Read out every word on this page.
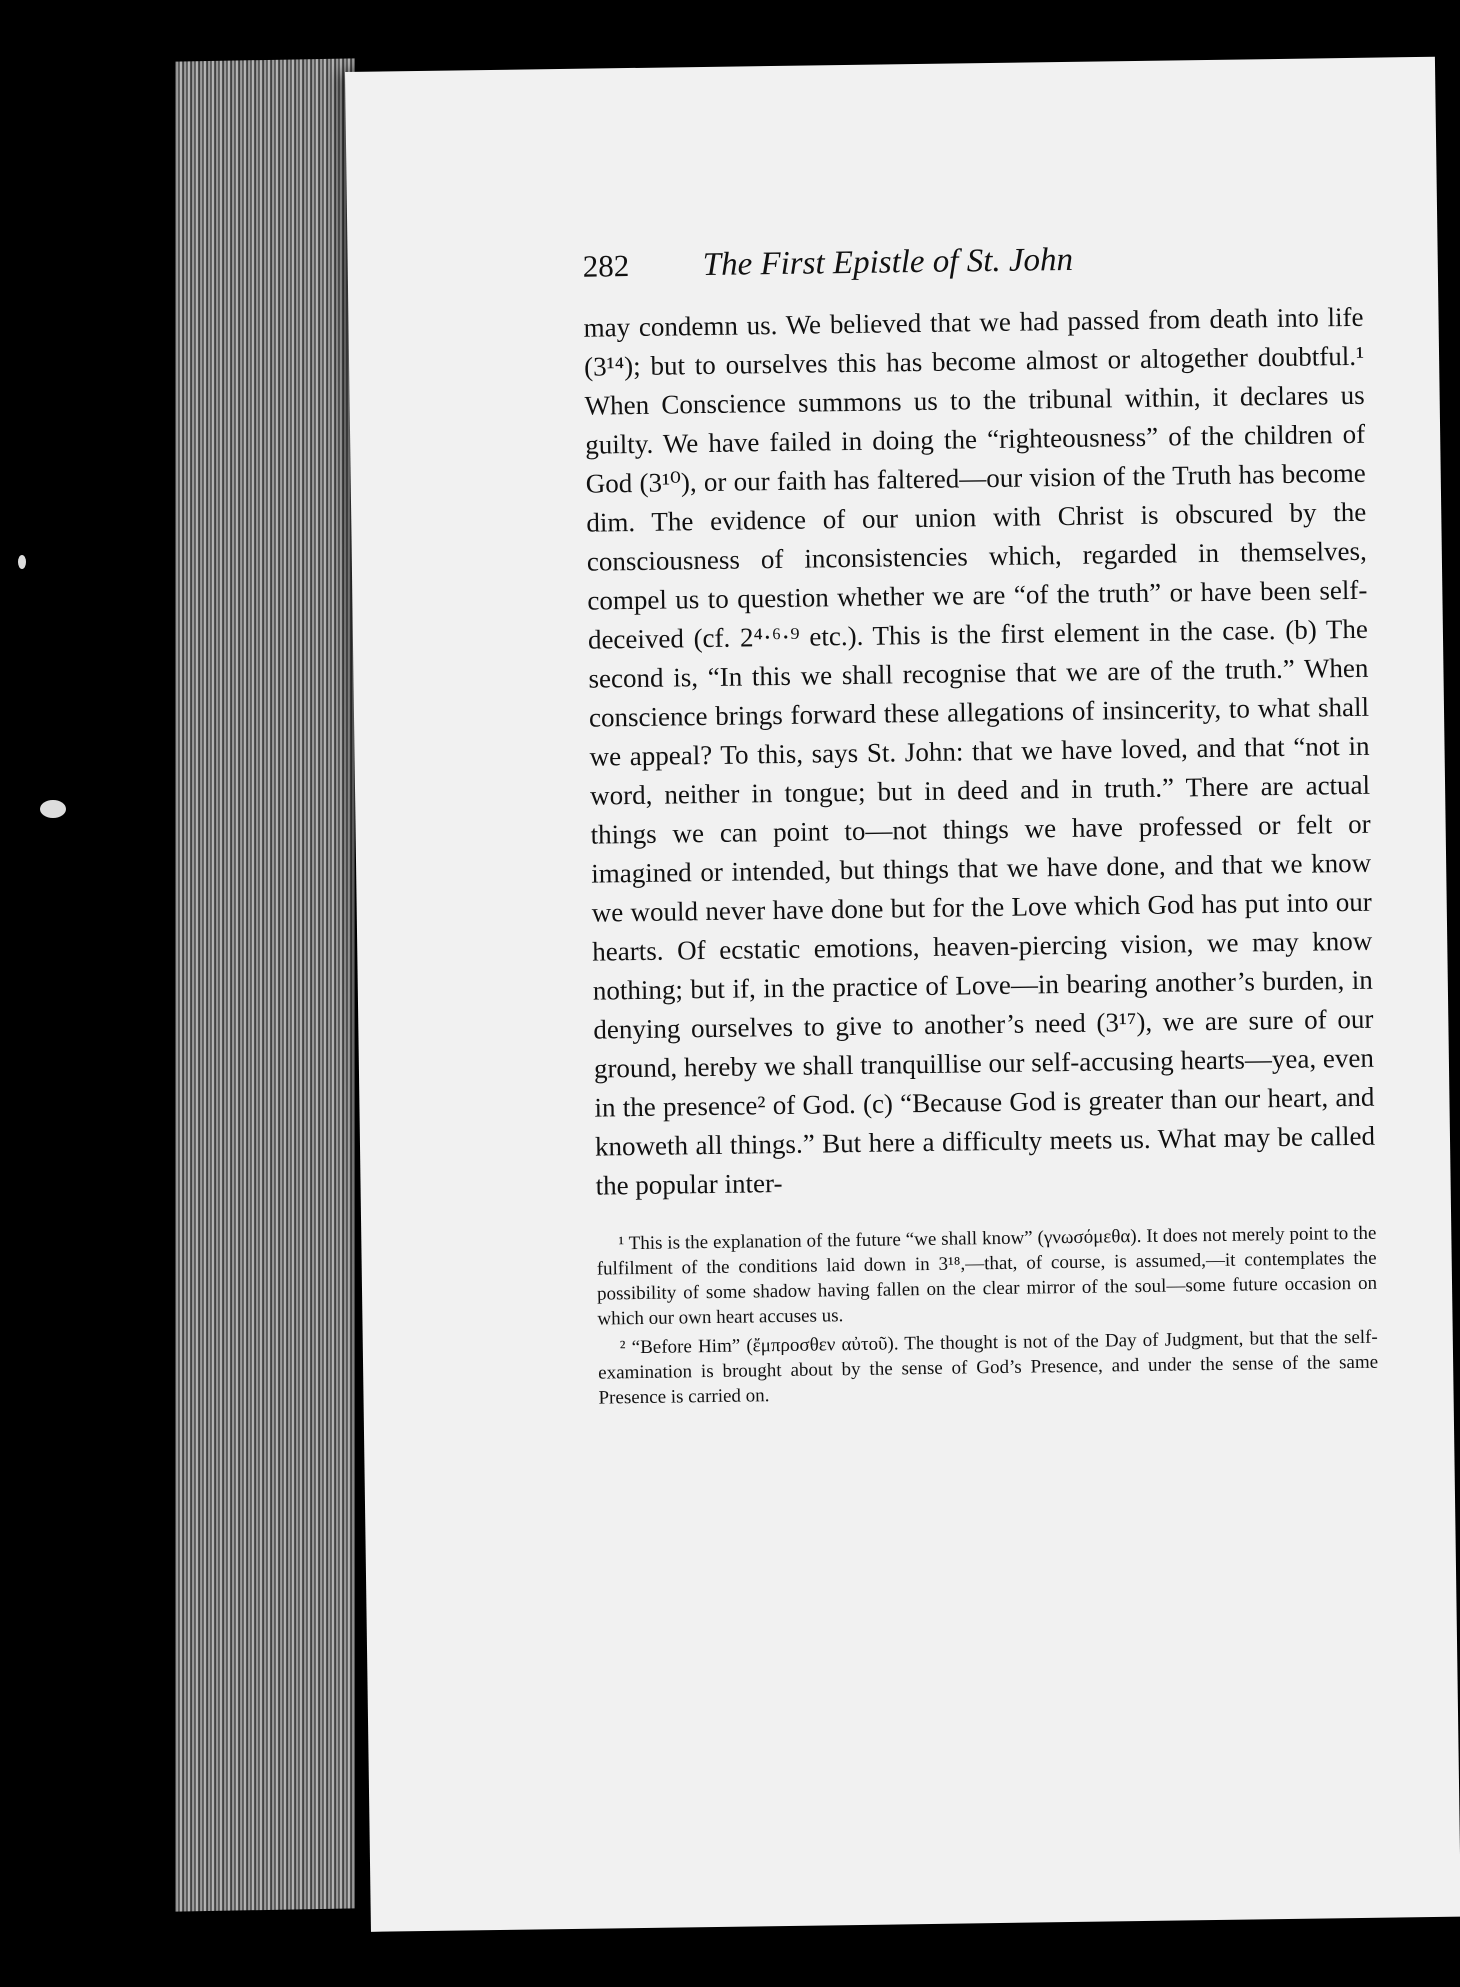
282	The First Epistle of St. John

may condemn us. We believed that we had passed from death into life (3¹⁴); but to ourselves this has become almost or altogether doubtful.¹ When Conscience summons us to the tribunal within, it declares us guilty. We have failed in doing the “righteousness” of the children of God (3¹⁰), or our faith has faltered—our vision of the Truth has become dim. The evidence of our union with Christ is obscured by the consciousness of inconsistencies which, regarded in themselves, compel us to question whether we are “of the truth” or have been self-deceived (cf. 2⁴·⁶·⁹ etc.). This is the first element in the case. (b) The second is, “In this we shall recognise that we are of the truth.” When conscience brings forward these allegations of insincerity, to what shall we appeal? To this, says St. John: that we have loved, and that “not in word, neither in tongue; but in deed and in truth.” There are actual things we can point to—not things we have professed or felt or imagined or intended, but things that we have done, and that we know we would never have done but for the Love which God has put into our hearts. Of ecstatic emotions, heaven-piercing vision, we may know nothing; but if, in the practice of Love—in bearing another’s burden, in denying ourselves to give to another’s need (3¹⁷), we are sure of our ground, hereby we shall tranquillise our self-accusing hearts—yea, even in the presence² of God. (c) “Because God is greater than our heart, and knoweth all things.” But here a difficulty meets us. What may be called the popular inter-

¹ This is the explanation of the future “we shall know” (γνωσόμεθα). It does not merely point to the fulfilment of the conditions laid down in 3¹⁸,—that, of course, is assumed,—it contemplates the possibility of some shadow having fallen on the clear mirror of the soul—some future occasion on which our own heart accuses us.

² “Before Him” (ἔμπροσθεν αὐτοῦ). The thought is not of the Day of Judgment, but that the self-examination is brought about by the sense of God’s Presence, and under the sense of the same Presence is carried on.
